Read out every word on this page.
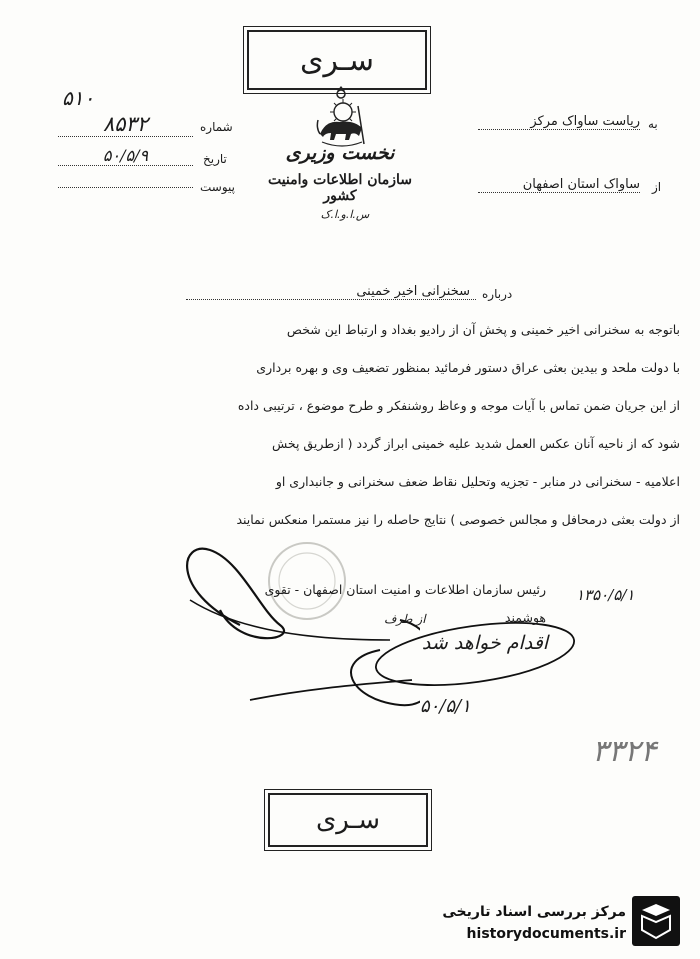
سـری
نخست وزیری
سازمان اطلاعات وامنیت کشور
س.ا.و.ا.ک
۵۱۰
۸۵۳۲	شماره
۵۰/۵/۹	تاریخ
پیوست
به
ریاست ساواک مرکز
از
ساواک استان اصفهان
سخنرانی اخیر خمینی	درباره
باتوجه به سخنرانی اخیر خمینی و پخش آن از رادیو بغداد و ارتباط این شخص
با دولت ملحد و بیدین بعثی عراق دستور فرمائید بمنظور تضعیف وی و بهره برداری
از این جریان ضمن تماس با آیات موجه و وعاظ روشنفکر و طرح موضوع ، ترتیبی داده
شود که از ناحیه آنان عکس العمل شدید علیه خمینی ابراز گردد ( ازطریق پخش
اعلامیه - سخنرانی در منابر - تجزیه وتحلیل نقاط ضعف سخنرانی و جانبداری او
از دولت بعثی درمحافل و مجالس خصوصی ) نتایج حاصله را نیز مستمرا منعکس نمایند
رئیس سازمان اطلاعات و امنیت استان اصفهان - تقوی
هوشمند
۱۳۵۰/۵/۱
از طرف
اقدام خواهد شد
۵۰/۵/۱
۳۳۲۴
سـری
مرکز بررسی اسناد تاریخی
historydocuments.ir
